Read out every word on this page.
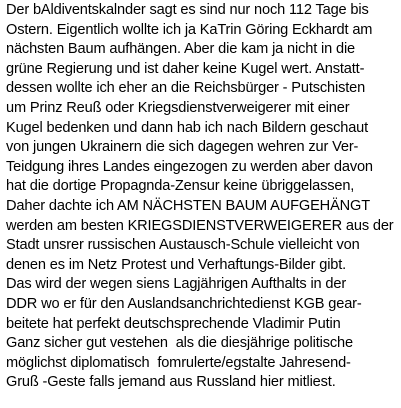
Der bAldiventskalnder sagt es sind nur noch 112 Tage bis
Ostern. Eigentlich wollte ich ja KaTrin Göring Eckhardt am
nächsten Baum aufhängen. Aber die kam ja nicht in die
grüne Regierung und ist daher keine Kugel wert. Anstatt-
dessen wollte ich eher an die Reichsbürger - Putschisten
um Prinz Reuß oder Kriegsdienstverweigerer mit einer
Kugel bedenken und dann hab ich nach Bildern geschaut
von jungen Ukrainern die sich dagegen wehren zur Ver-
Teidgung ihres Landes eingezogen zu werden aber davon
hat die dortige Propagnda-Zensur keine übriggelassen,
Daher dachte ich AM NÄCHSTEN BAUM AUFGEHÄNGT
werden am besten KRIEGSDIENSTVERWEIGERER aus der
Stadt unsrer russischen Austausch-Schule vielleicht von
denen es im Netz Protest und Verhaftungs-Bilder gibt.
Das wird der wegen siens Lagjährigen Aufthalts in der
DDR wo er für den Auslandsanchrichtedienst KGB gear-
beitete hat perfekt deutschsprechende Vladimir Putin
Ganz sicher gut vestehen  als die diesjährige politische
möglichst diplomatisch  fomrulerte/egstalte Jahresend-
Gruß -Geste falls jemand aus Russland hier mitliest.
